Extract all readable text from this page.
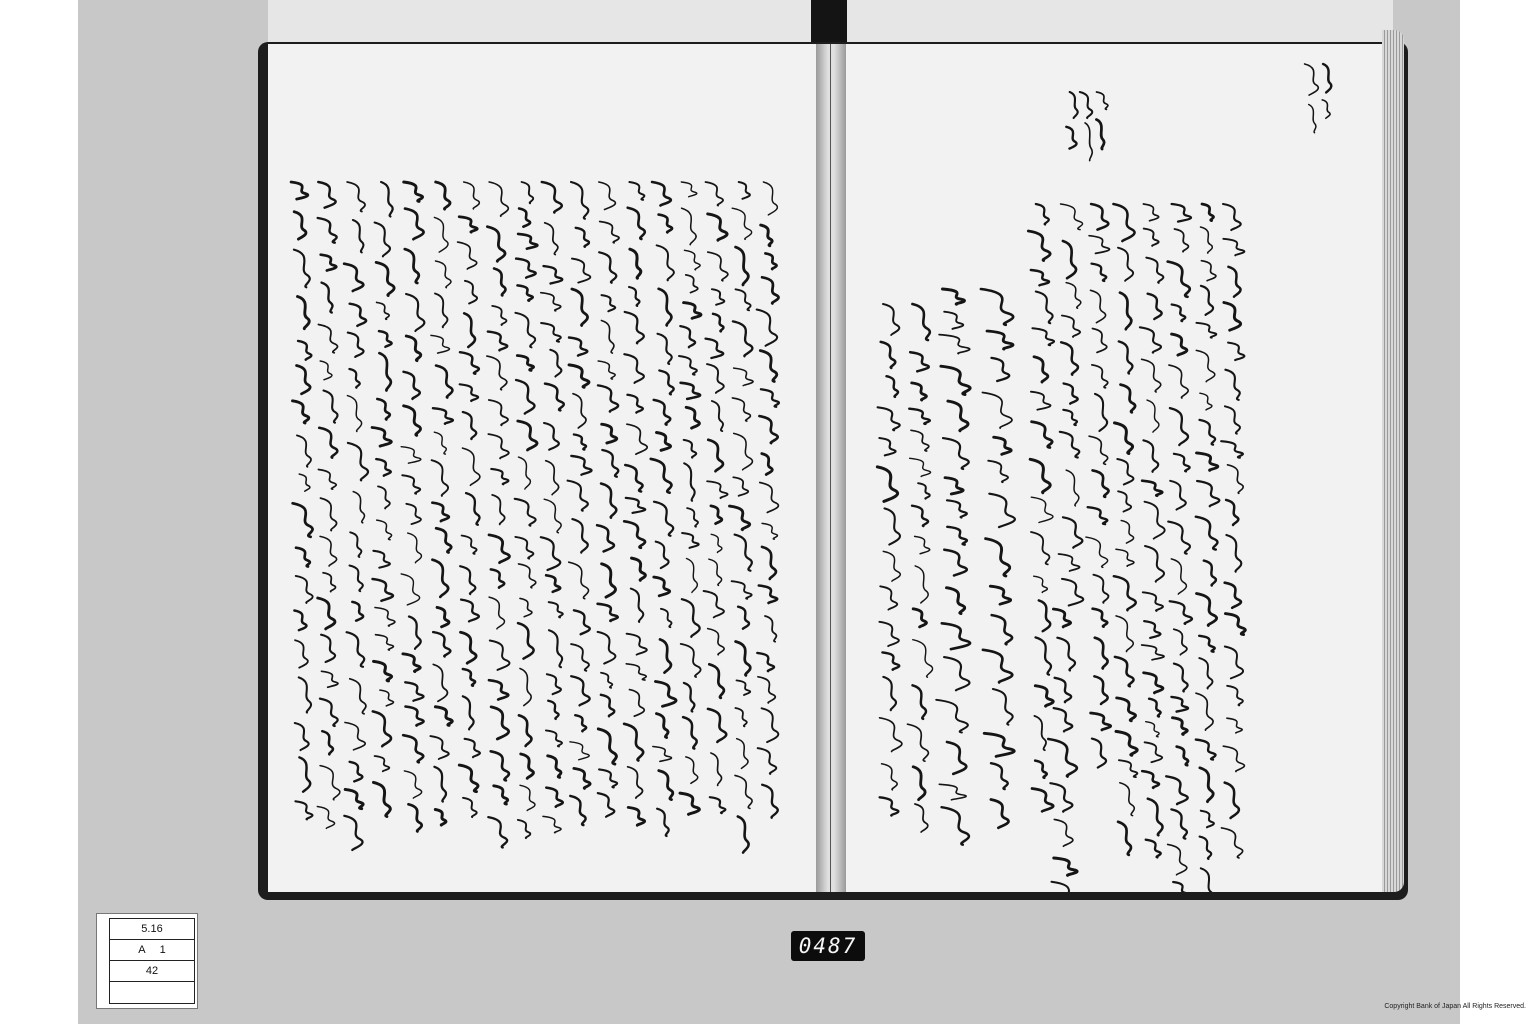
5.16
A 1
42
0487
Copyright Bank of Japan All Rights Reserved.
